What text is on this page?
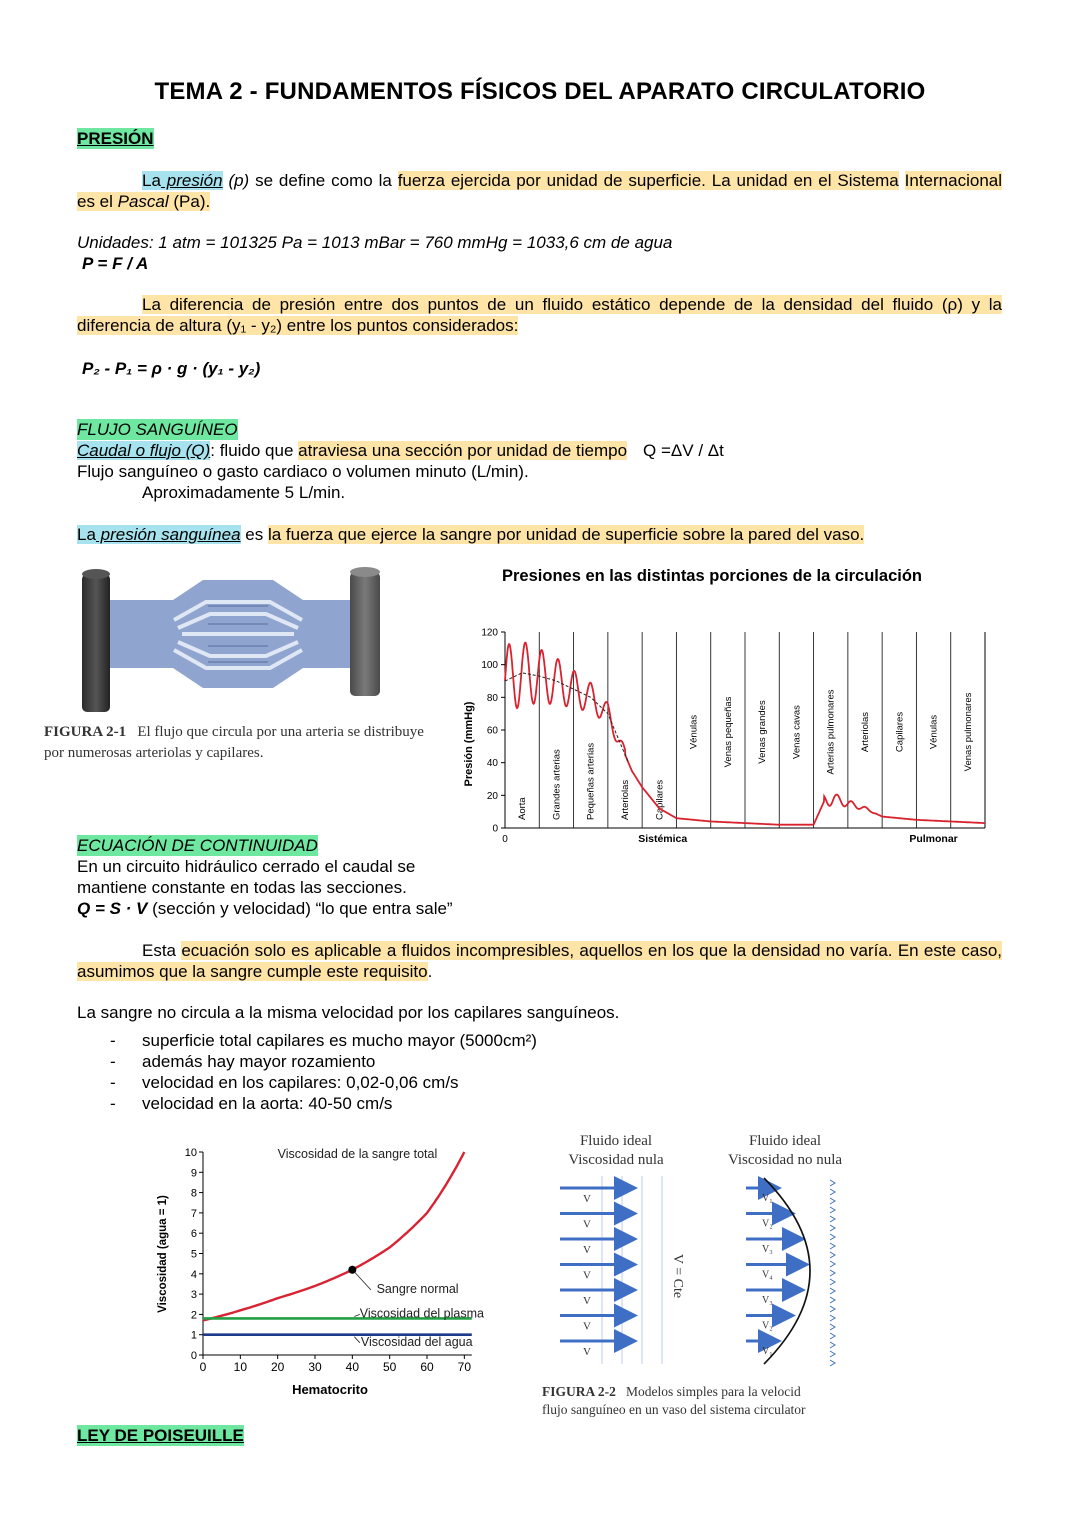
TEMA 2 - FUNDAMENTOS FÍSICOS DEL APARATO CIRCULATORIO
PRESIÓN
La presión (p) se define como la fuerza ejercida por unidad de superficie. La unidad en el Sistema Internacional es el Pascal (Pa).
Unidades: 1 atm = 101325 Pa = 1013 mBar = 760 mmHg = 1033,6 cm de agua
P = F / A
La diferencia de presión entre dos puntos de un fluido estático depende de la densidad del fluido (ρ) y la diferencia de altura (y₁ - y₂) entre los puntos considerados:
P₂ - P₁ = ρ · g · (y₁ - y₂)
FLUJO SANGUÍNEO
Caudal o flujo (Q): fluido que atraviesa una sección por unidad de tiempo Q =ΔV / Δt
Flujo sanguíneo o gasto cardiaco o volumen minuto (L/min).
Aproximadamente 5 L/min.
La presión sanguínea es la fuerza que ejerce la sangre por unidad de superficie sobre la pared del vaso.
FIGURA 2-1 El flujo que circula por una arteria se distribuye por numerosas arteriolas y capilares.
Presiones en las distintas porciones de la circulación
Presión (mmHg)
0
20
40
60
80
100
120
0
Aorta Grandes arterias Pequeñas arterias Arteriolas Capilares
Vénulas Venas pequeñas Venas grandes Venas cavas Arterias pulmonares Arteriolas Capilares Vénulas Venas pulmonares
Sistémica	Pulmonar
ECUACIÓN DE CONTINUIDAD
En un circuito hidráulico cerrado el caudal se
mantiene constante en todas las secciones.
Q = S · V (sección y velocidad) “lo que entra sale”
Esta ecuación solo es aplicable a fluidos incompresibles, aquellos en los que la densidad no varía. En este caso, asumimos que la sangre cumple este requisito.
La sangre no circula a la misma velocidad por los capilares sanguíneos.
- superficie total capilares es mucho mayor (5000cm²)
- además hay mayor rozamiento
- velocidad en los capilares: 0,02-0,06 cm/s
- velocidad en la aorta: 40-50 cm/s
Viscosidad (agua = 1)
Hematocrito
0
1
2
3
4
5
6
7
8
9
10
0 10 20 30 40 50 60 70
Viscosidad de la sangre total
Sangre normal
Viscosidad del plasma
Viscosidad del agua
Fluido ideal
Viscosidad nula
Fluido ideal
Viscosidad no nula
V
V
V
V
V
V
V
V = Cte
V₁
V₂
V₃
V₄
V₃
V₂
V₁
FIGURA 2-2 Modelos simples para la velocid
flujo sanguíneo en un vaso del sistema circulator
LEY DE POISEUILLE
